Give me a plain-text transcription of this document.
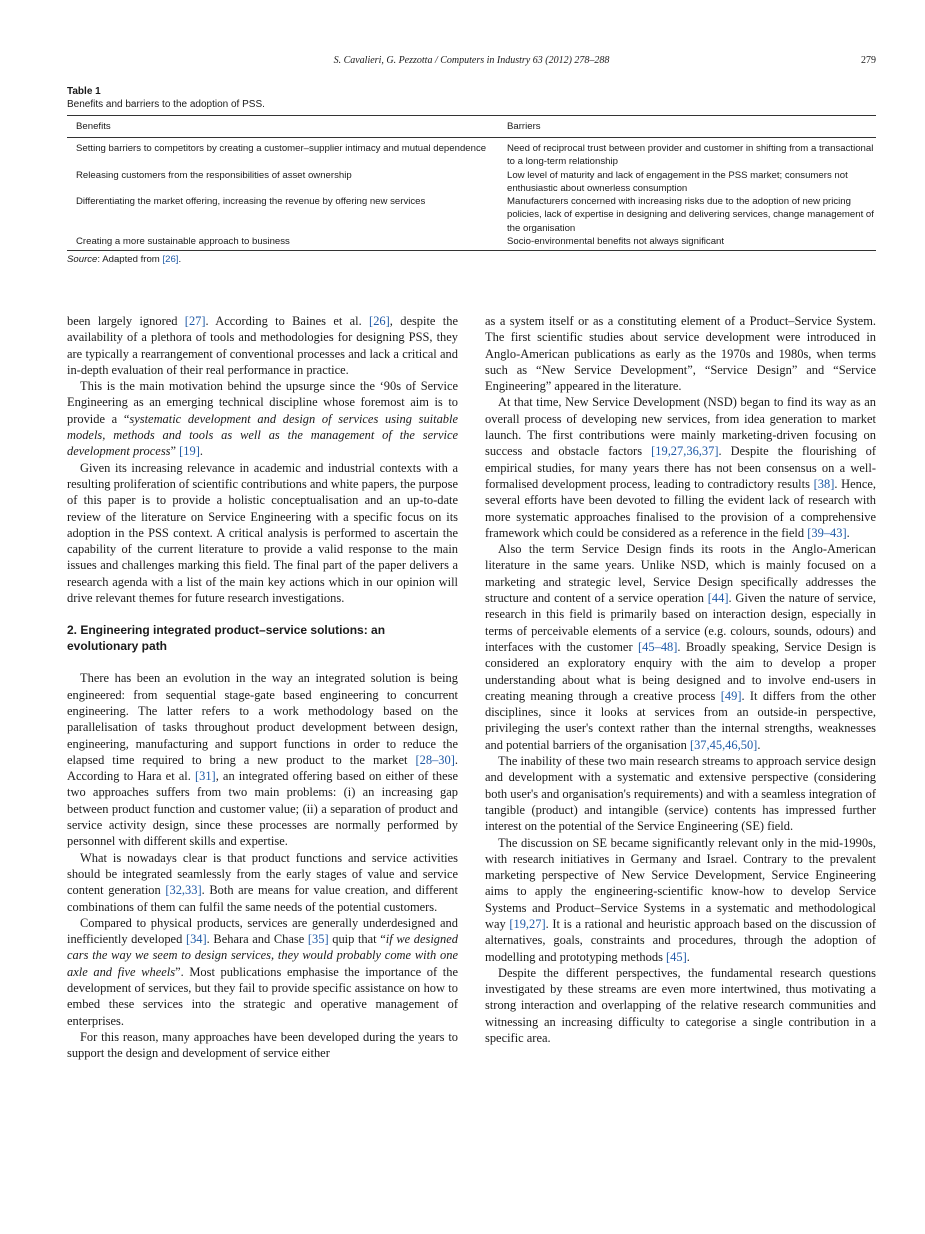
S. Cavalieri, G. Pezzotta / Computers in Industry 63 (2012) 278–288	279
Table 1
Benefits and barriers to the adoption of PSS.
Benefits	Barriers
Setting barriers to competitors by creating a customer–supplier intimacy and mutual dependence	Need of reciprocal trust between provider and customer in shifting from a transactional to a long-term relationship
Releasing customers from the responsibilities of asset ownership	Low level of maturity and lack of engagement in the PSS market; consumers not enthusiastic about ownerless consumption
Differentiating the market offering, increasing the revenue by offering new services	Manufacturers concerned with increasing risks due to the adoption of new pricing policies, lack of expertise in designing and delivering services, change management of the organisation
Creating a more sustainable approach to business	Socio-environmental benefits not always significant
Source: Adapted from [26].

been largely ignored [27]. According to Baines et al. [26], despite the availability of a plethora of tools and methodologies for designing PSS, they are typically a rearrangement of conventional processes and lack a critical and in-depth evaluation of their real performance in practice.

This is the main motivation behind the upsurge since the ‘90s of Service Engineering as an emerging technical discipline whose foremost aim is to provide a “systematic development and design of services using suitable models, methods and tools as well as the management of the service development process” [19].

Given its increasing relevance in academic and industrial contexts with a resulting proliferation of scientific contributions and white papers, the purpose of this paper is to provide a holistic conceptualisation and an up-to-date review of the literature on Service Engineering with a specific focus on its adoption in the PSS context. A critical analysis is performed to ascertain the capability of the current literature to provide a valid response to the main issues and challenges marking this field. The final part of the paper delivers a research agenda with a list of the main key actions which in our opinion will drive relevant themes for future research investigations.

2. Engineering integrated product–service solutions: an evolutionary path

There has been an evolution in the way an integrated solution is being engineered: from sequential stage-gate based engineering to concurrent engineering. The latter refers to a work methodology based on the parallelisation of tasks throughout product development between design, engineering, manufacturing and support functions in order to reduce the elapsed time required to bring a new product to the market [28–30]. According to Hara et al. [31], an integrated offering based on either of these two approaches suffers from two main problems: (i) an increasing gap between product function and customer value; (ii) a separation of product and service activity design, since these processes are normally performed by personnel with different skills and expertise.

What is nowadays clear is that product functions and service activities should be integrated seamlessly from the early stages of value and service content generation [32,33]. Both are means for value creation, and different combinations of them can fulfil the same needs of the potential customers.

Compared to physical products, services are generally underdesigned and inefficiently developed [34]. Behara and Chase [35] quip that “if we designed cars the way we seem to design services, they would probably come with one axle and five wheels”. Most publications emphasise the importance of the development of services, but they fail to provide specific assistance on how to embed these services into the strategic and operative management of enterprises.

For this reason, many approaches have been developed during the years to support the design and development of service either

as a system itself or as a constituting element of a Product–Service System. The first scientific studies about service development were introduced in Anglo-American publications as early as the 1970s and 1980s, when terms such as “New Service Development”, “Service Design” and “Service Engineering” appeared in the literature.

At that time, New Service Development (NSD) began to find its way as an overall process of developing new services, from idea generation to market launch. The first contributions were mainly marketing-driven focusing on success and obstacle factors [19,27,36,37]. Despite the flourishing of empirical studies, for many years there has not been consensus on a well-formalised development process, leading to contradictory results [38]. Hence, several efforts have been devoted to filling the evident lack of research with more systematic approaches finalised to the provision of a comprehensive framework which could be considered as a reference in the field [39–43].

Also the term Service Design finds its roots in the Anglo-American literature in the same years. Unlike NSD, which is mainly focused on a marketing and strategic level, Service Design specifically addresses the structure and content of a service operation [44]. Given the nature of service, research in this field is primarily based on interaction design, especially in terms of perceivable elements of a service (e.g. colours, sounds, odours) and interfaces with the customer [45–48]. Broadly speaking, Service Design is considered an exploratory enquiry with the aim to develop a proper understanding about what is being designed and to involve end-users in creating meaning through a creative process [49]. It differs from the other disciplines, since it looks at services from an outside-in perspective, privileging the user's context rather than the internal strengths, weaknesses and potential barriers of the organisation [37,45,46,50].

The inability of these two main research streams to approach service design and development with a systematic and extensive perspective (considering both user's and organisation's requirements) and with a seamless integration of tangible (product) and intangible (service) contents has impressed further interest on the potential of the Service Engineering (SE) field.

The discussion on SE became significantly relevant only in the mid-1990s, with research initiatives in Germany and Israel. Contrary to the prevalent marketing perspective of New Service Development, Service Engineering aims to apply the engineering-scientific know-how to develop Service Systems and Product–Service Systems in a systematic and methodological way [19,27]. It is a rational and heuristic approach based on the discussion of alternatives, goals, constraints and procedures, through the adoption of modelling and prototyping methods [45].

Despite the different perspectives, the fundamental research questions investigated by these streams are even more intertwined, thus motivating a strong interaction and overlapping of the relative research communities and witnessing an increasing difficulty to categorise a single contribution in a specific area.
